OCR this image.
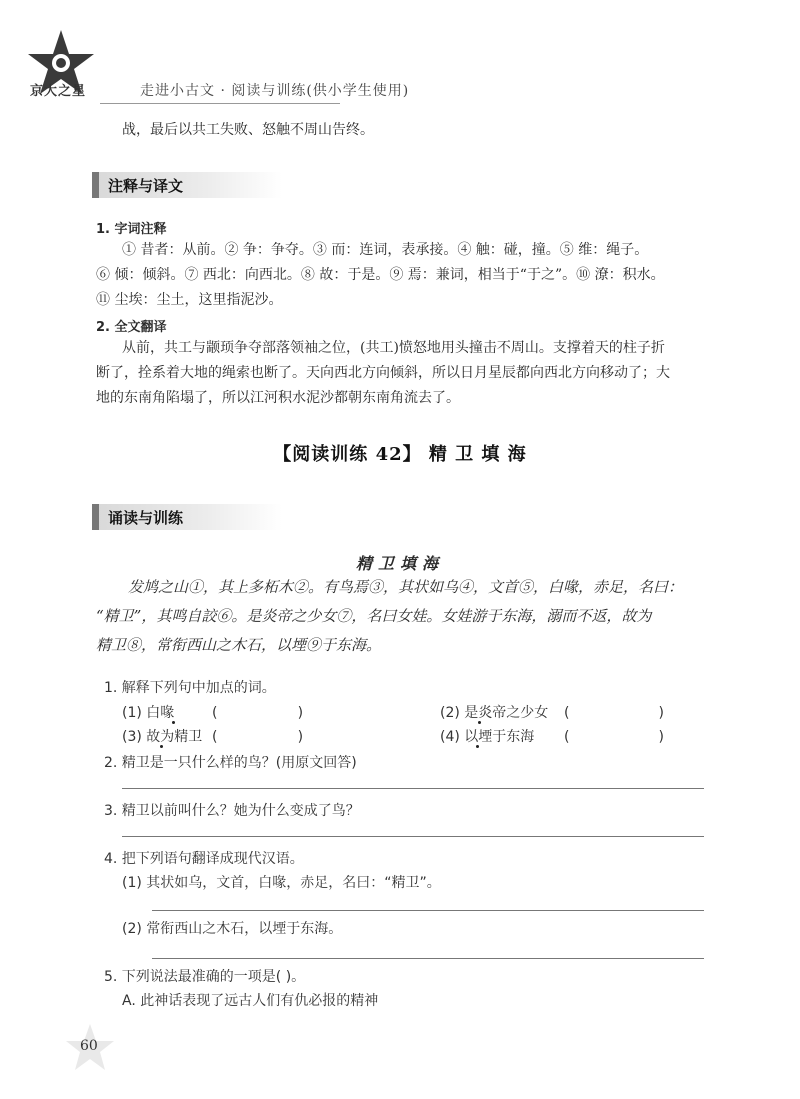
京大之星	走进小古文 · 阅读与训练(供小学生使用)
战，最后以共工失败、怒触不周山告终。
注释与译文
1. 字词注释
① 昔者：从前。② 争：争夺。③ 而：连词，表承接。④ 触：碰，撞。⑤ 维：绳子。
⑥ 倾：倾斜。⑦ 西北：向西北。⑧ 故：于是。⑨ 焉：兼词，相当于“于之”。⑩ 潦：积水。
⑪ 尘埃：尘土，这里指泥沙。
2. 全文翻译
从前，共工与颛顼争夺部落领袖之位，(共工)愤怒地用头撞击不周山。支撑着天的柱子折
断了，拴系着大地的绳索也断了。天向西北方向倾斜，所以日月星辰都向西北方向移动了；大
地的东南角陷塌了，所以江河积水泥沙都朝东南角流去了。
【阅读训练 42】 精 卫 填 海
诵读与训练
精卫填海
发鸠之山①，其上多柘木②。有鸟焉③，其状如乌④，文首⑤，白喙，赤足，名曰：
“精卫”，其鸣自詨⑥。是炎帝之少女⑦，名曰女娃。女娃游于东海，溺而不返，故为
精卫⑧，常衔西山之木石，以堙⑨于东海。
1. 解释下列句中加点的词。
(1) 白喙	(                  )	(2) 是炎帝之少女 (                    )
(3) 故为精卫 (                  )	(4) 以堙于东海 (                    )
2. 精卫是一只什么样的鸟？(用原文回答)
3. 精卫以前叫什么？她为什么变成了鸟？
4. 把下列语句翻译成现代汉语。
(1) 其状如乌，文首，白喙，赤足，名曰：“精卫”。
(2) 常衔西山之木石，以堙于东海。
5. 下列说法最准确的一项是( )。
A. 此神话表现了远古人们有仇必报的精神
60
